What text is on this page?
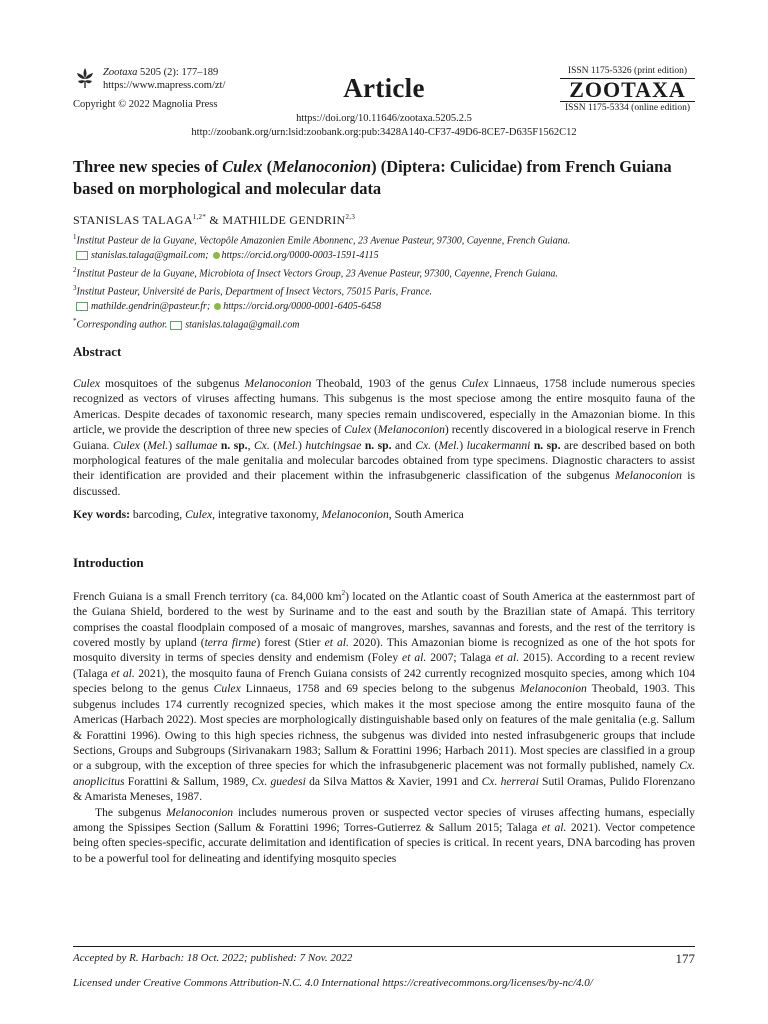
Zootaxa 5205 (2): 177–189
https://www.mapress.com/zt/
Copyright © 2022 Magnolia Press
Article
ISSN 1175-5326 (print edition)
ZOOTAXA
ISSN 1175-5334 (online edition)
https://doi.org/10.11646/zootaxa.5205.2.5
http://zoobank.org/urn:lsid:zoobank.org:pub:3428A140-CF37-49D6-8CE7-D635F1562C12
Three new species of Culex (Melanoconion) (Diptera: Culicidae) from French Guiana based on morphological and molecular data
STANISLAS $TALAGA^{1,2*}$ & MATHILDE GENDRIN$^{2,3}$
$^1$Institut Pasteur de la Guyane, Vectopôle Amazonien Emile Abonnenc, 23 Avenue Pasteur, 97300, Cayenne, French Guiana.
stanislas.talaga@gmail.com; https://orcid.org/0000-0003-1591-4115
$^2$Institut Pasteur de la Guyane, Microbiota of Insect Vectors Group, 23 Avenue Pasteur, 97300, Cayenne, French Guiana.
$^3$Institut Pasteur, Université de Paris, Department of Insect Vectors, 75015 Paris, France.
mathilde.gendrin@pasteur.fr; https://orcid.org/0000-0001-6405-6458
*Corresponding author. stanislas.talaga@gmail.com
Abstract

Culex mosquitoes of the subgenus Melanoconion Theobald, 1903 of the genus Culex Linnaeus, 1758 include numerous species recognized as vectors of viruses affecting humans. This subgenus is the most speciose among the entire mosquito fauna of the Americas. Despite decades of taxonomic research, many species remain undiscovered, especially in the Amazonian biome. In this article, we provide the description of three new species of Culex (Melanoconion) recently discovered in a biological reserve in French Guiana. Culex (Mel.) sallumae n. sp., Cx. (Mel.) hutchingsae n. sp. and Cx. (Mel.) lucakermanni n. sp. are described based on both morphological features of the male genitalia and molecular barcodes obtained from type specimens. Diagnostic characters to assist their identification are provided and their placement within the infrasubgeneric classification of the subgenus Melanoconion is discussed.

Key words: barcoding, Culex, integrative taxonomy, Melanoconion, South America
Introduction

French Guiana is a small French territory (ca. 84,000 $km^2$) located on the Atlantic coast of South America at the easternmost part of the Guiana Shield, bordered to the west by Suriname and to the east and south by the Brazilian state of Amapá. This territory comprises the coastal floodplain composed of a mosaic of mangroves, marshes, savannas and forests, and the rest of the territory is covered mostly by upland (terra firme) forest (Stier et al. 2020). This Amazonian biome is recognized as one of the hot spots for mosquito diversity in terms of species density and endemism (Foley et al. 2007; Talaga et al. 2015). According to a recent review (Talaga et al. 2021), the mosquito fauna of French Guiana consists of 242 currently recognized mosquito species, among which 104 species belong to the genus Culex Linnaeus, 1758 and 69 species belong to the subgenus Melanoconion Theobald, 1903. This subgenus includes 174 currently recognized species, which makes it the most speciose among the entire mosquito fauna of the Americas (Harbach 2022). Most species are morphologically distinguishable based only on features of the male genitalia (e.g. Sallum & Forattini 1996). Owing to this high species richness, the subgenus was divided into nested infrasubgeneric groups that include Sections, Groups and Subgroups (Sirivanakarn 1983; Sallum & Forattini 1996; Harbach 2011). Most species are classified in a group or a subgroup, with the exception of three species for which the infrasubgeneric placement was not formally published, namely Cx. anoplicitus Forattini & Sallum, 1989, Cx. guedesi da Silva Mattos & Xavier, 1991 and Cx. herrerai Sutil Oramas, Pulido Florenzano & Amarista Meneses, 1987.

The subgenus Melanoconion includes numerous proven or suspected vector species of viruses affecting humans, especially among the Spissipes Section (Sallum & Forattini 1996; Torres-Gutierrez & Sallum 2015; Talaga et al. 2021). Vector competence being often species-specific, accurate delimitation and identification of species is critical. In recent years, DNA barcoding has proven to be a powerful tool for delineating and identifying mosquito species

Accepted by R. Harbach: 18 Oct. 2022; published: 7 Nov. 2022	177
Licensed under Creative Commons Attribution-N.C. 4.0 International https://creativecommons.org/licenses/by-nc/4.0/
